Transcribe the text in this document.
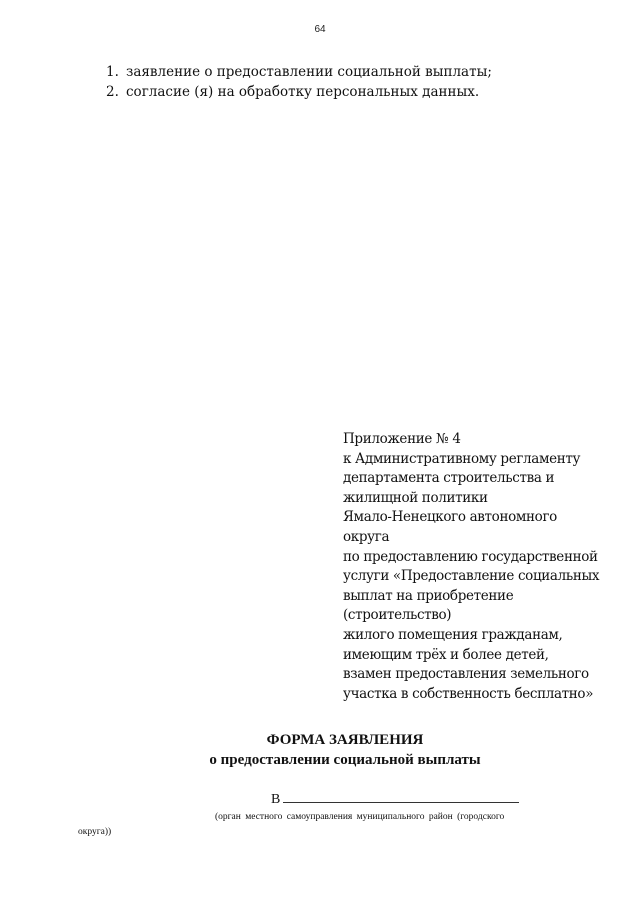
64
1. заявление о предоставлении социальной выплаты;
2. согласие (я) на обработку персональных данных.
Приложение № 4
к Административному регламенту
департамента строительства и
жилищной политики
Ямало-Ненецкого автономного
округа
по предоставлению государственной
услуги «Предоставление социальных
выплат на приобретение
(строительство)
жилого помещения гражданам,
имеющим трёх и более детей,
взамен предоставления земельного
участка в собственность бесплатно»
ФОРМА ЗАЯВЛЕНИЯ
о предоставлении социальной выплаты
В
(орган местного самоуправления муниципального район (городского
округа))
